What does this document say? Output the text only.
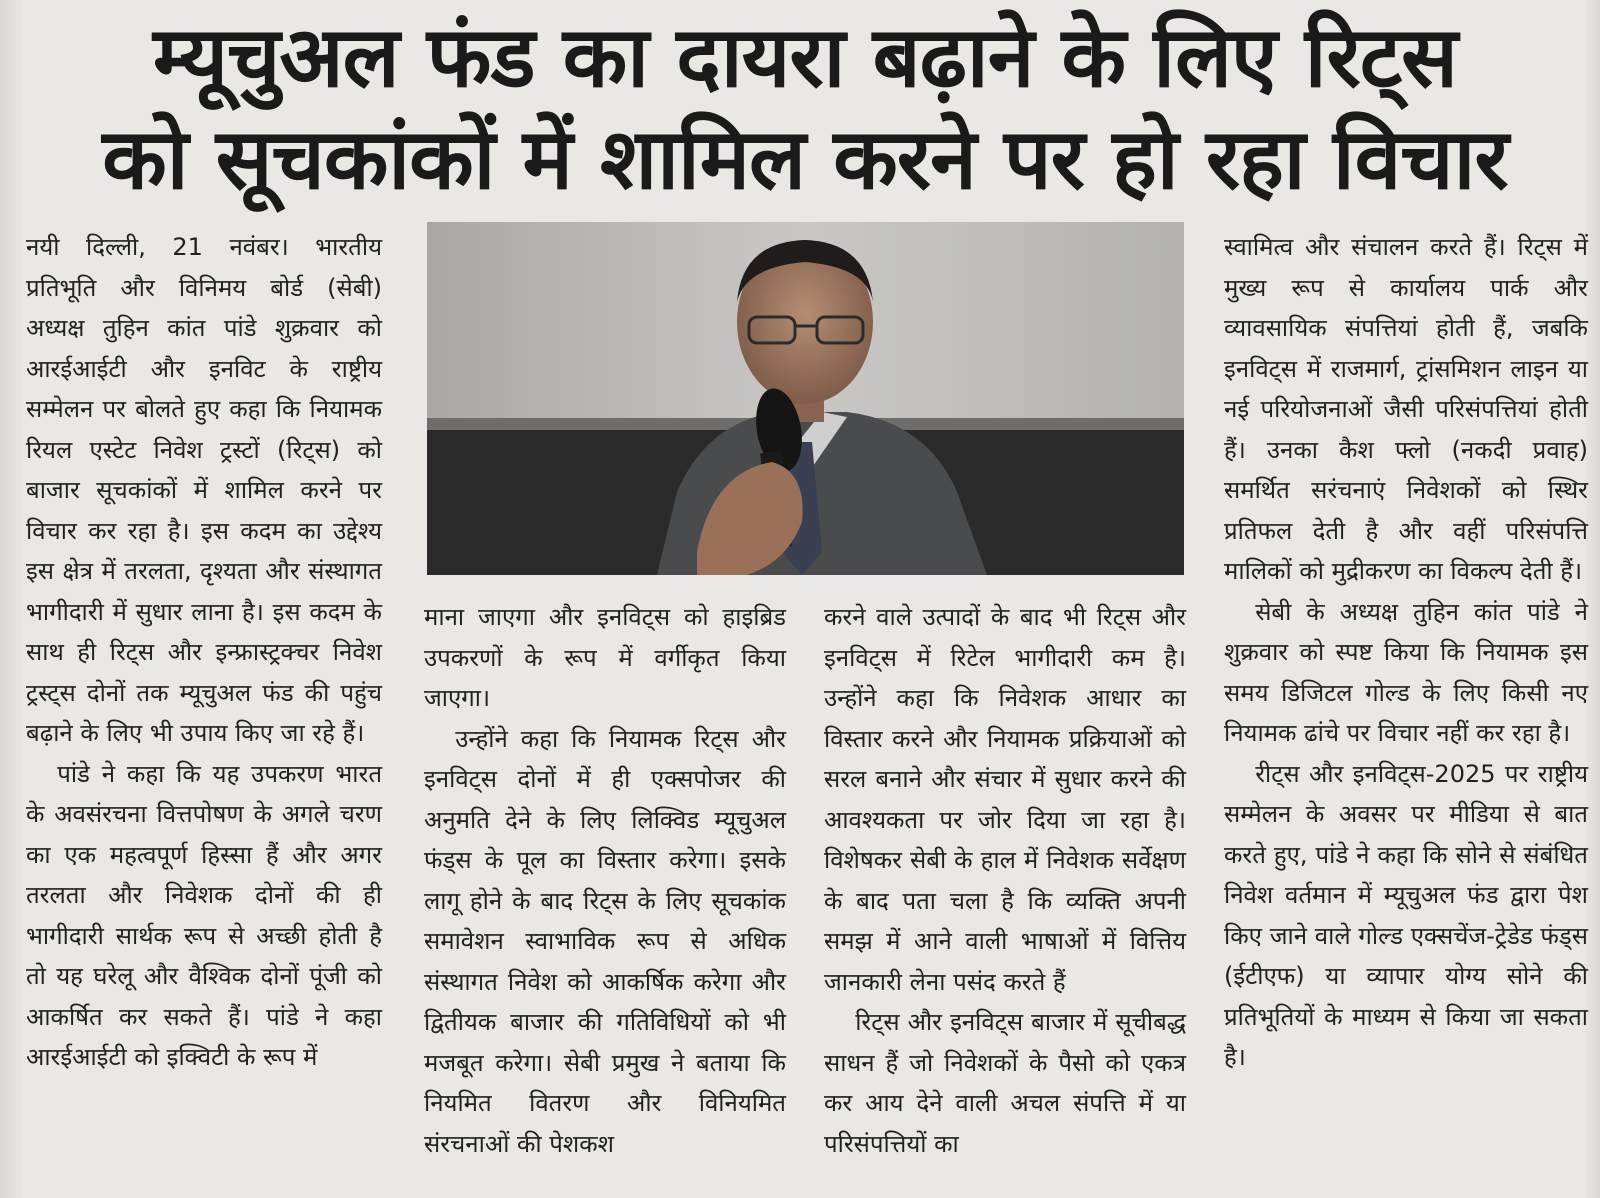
म्यूचुअल फंड का दायरा बढ़ाने के लिए रिट्स
को सूचकांकों में शामिल करने पर हो रहा विचार

नयी दिल्ली, 21 नवंबर। भारतीय प्रतिभूति और विनिमय बोर्ड (सेबी) अध्यक्ष तुहिन कांत पांडे शुक्रवार को आरईआईटी और इनविट के राष्ट्रीय सम्मेलन पर बोलते हुए कहा कि नियामक रियल एस्टेट निवेश ट्रस्टों (रिट्स) को बाजार सूचकांकों में शामिल करने पर विचार कर रहा है। इस कदम का उद्देश्य इस क्षेत्र में तरलता, दृश्यता और संस्थागत भागीदारी में सुधार लाना है। इस कदम के साथ ही रिट्स और इन्फ्रास्ट्रक्चर निवेश ट्रस्ट्स दोनों तक म्यूचुअल फंड की पहुंच बढ़ाने के लिए भी उपाय किए जा रहे हैं।

पांडे ने कहा कि यह उपकरण भारत के अवसंरचना वित्तपोषण के अगले चरण का एक महत्वपूर्ण हिस्सा हैं और अगर तरलता और निवेशक दोनों की ही भागीदारी सार्थक रूप से अच्छी होती है तो यह घरेलू और वैश्विक दोनों पूंजी को आकर्षित कर सकते हैं। पांडे ने कहा आरईआईटी को इक्विटी के रूप में

माना जाएगा और इनविट्स को हाइब्रिड उपकरणों के रूप में वर्गीकृत किया जाएगा।

उन्होंने कहा कि नियामक रिट्स और इनविट्स दोनों में ही एक्सपोजर की अनुमति देने के लिए लिक्विड म्यूचुअल फंड्स के पूल का विस्तार करेगा। इसके लागू होने के बाद रिट्स के लिए सूचकांक समावेशन स्वाभाविक रूप से अधिक संस्थागत निवेश को आकर्षिक करेगा और द्वितीयक बाजार की गतिविधियों को भी मजबूत करेगा। सेबी प्रमुख ने बताया कि नियमित वितरण और विनियमित संरचनाओं की पेशकश

करने वाले उत्पादों के बाद भी रिट्स और इनविट्स में रिटेल भागीदारी कम है। उन्होंने कहा कि निवेशक आधार का विस्तार करने और नियामक प्रक्रियाओं को सरल बनाने और संचार में सुधार करने की आवश्यकता पर जोर दिया जा रहा है। विशेषकर सेबी के हाल में निवेशक सर्वेक्षण के बाद पता चला है कि व्यक्ति अपनी समझ में आने वाली भाषाओं में वित्तिय जानकारी लेना पसंद करते हैं

रिट्स और इनविट्स बाजार में सूचीबद्ध साधन हैं जो निवेशकों के पैसो को एकत्र कर आय देने वाली अचल संपत्ति में या परिसंपत्तियों का

स्वामित्व और संचालन करते हैं। रिट्स में मुख्य रूप से कार्यालय पार्क और व्यावसायिक संपत्तियां होती हैं, जबकि इनविट्स में राजमार्ग, ट्रांसमिशन लाइन या नई परियोजनाओं जैसी परिसंपत्तियां होती हैं। उनका कैश फ्लो (नकदी प्रवाह) समर्थित सरंचनाएं निवेशकों को स्थिर प्रतिफल देती है और वहीं परिसंपत्ति मालिकों को मुद्रीकरण का विकल्प देती हैं।

सेबी के अध्यक्ष तुहिन कांत पांडे ने शुक्रवार को स्पष्ट किया कि नियामक इस समय डिजिटल गोल्ड के लिए किसी नए नियामक ढांचे पर विचार नहीं कर रहा है।

रीट्स और इनविट्स-2025 पर राष्ट्रीय सम्मेलन के अवसर पर मीडिया से बात करते हुए, पांडे ने कहा कि सोने से संबंधित निवेश वर्तमान में म्यूचुअल फंड द्वारा पेश किए जाने वाले गोल्ड एक्सचेंज-ट्रेडेड फंड्स (ईटीएफ) या व्यापार योग्य सोने की प्रतिभूतियों के माध्यम से किया जा सकता है।
